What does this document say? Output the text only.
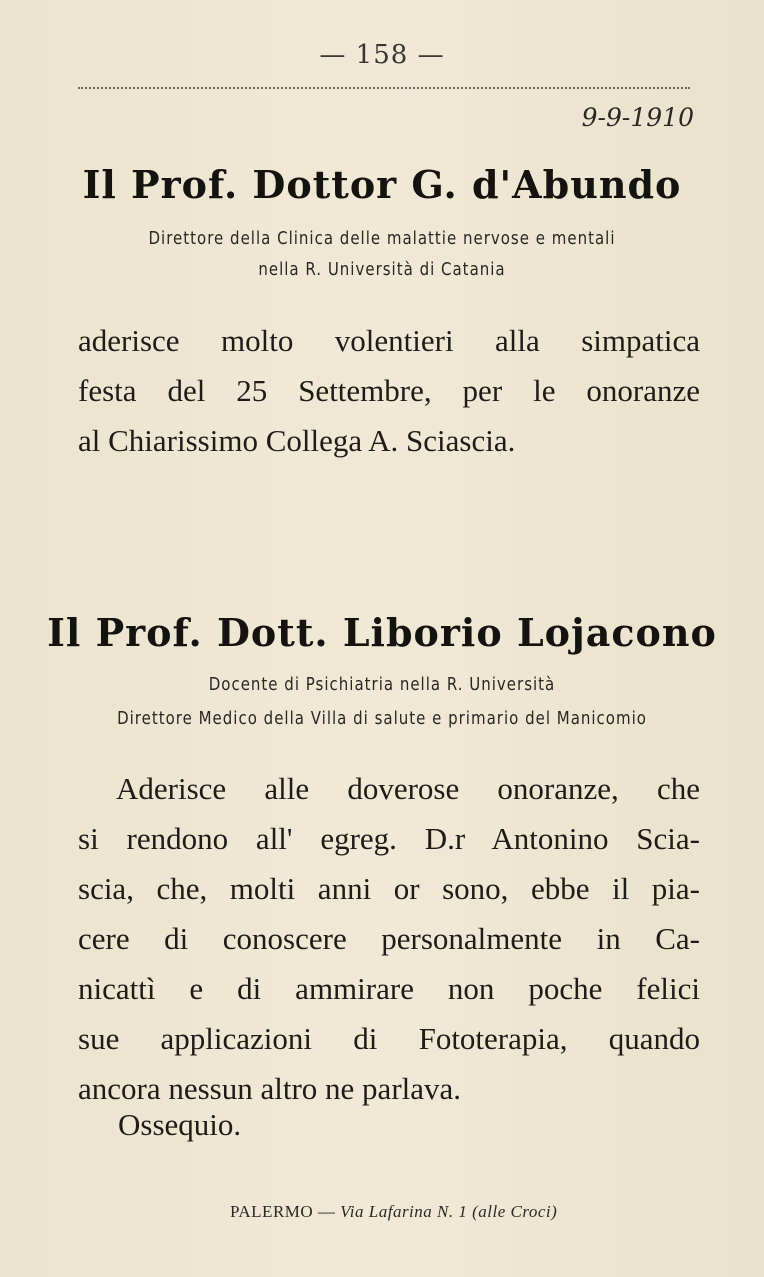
— 158 —
9-9-1910
Il Prof. Dottor G. d'Abundo
Direttore della Clinica delle malattie nervose e mentali
nella R. Università di Catania
aderisce molto volentieri alla simpatica
festa del 25 Settembre, per le onoranze
al Chiarissimo Collega A. Sciascia.
Il Prof. Dott. Liborio Lojacono
Docente di Psichiatria nella R. Università
Direttore Medico della Villa di salute e primario del Manicomio
Aderisce alle doverose onoranze, che
si rendono all' egreg. D.r Antonino Scia-
scia, che, molti anni or sono, ebbe il pia-
cere di conoscere personalmente in Ca-
nicattì e di ammirare non poche felici
sue applicazioni di Fototerapia, quando
ancora nessun altro ne parlava.
Ossequio.
PALERMO — Via Lafarina N. 1 (alle Croci)
